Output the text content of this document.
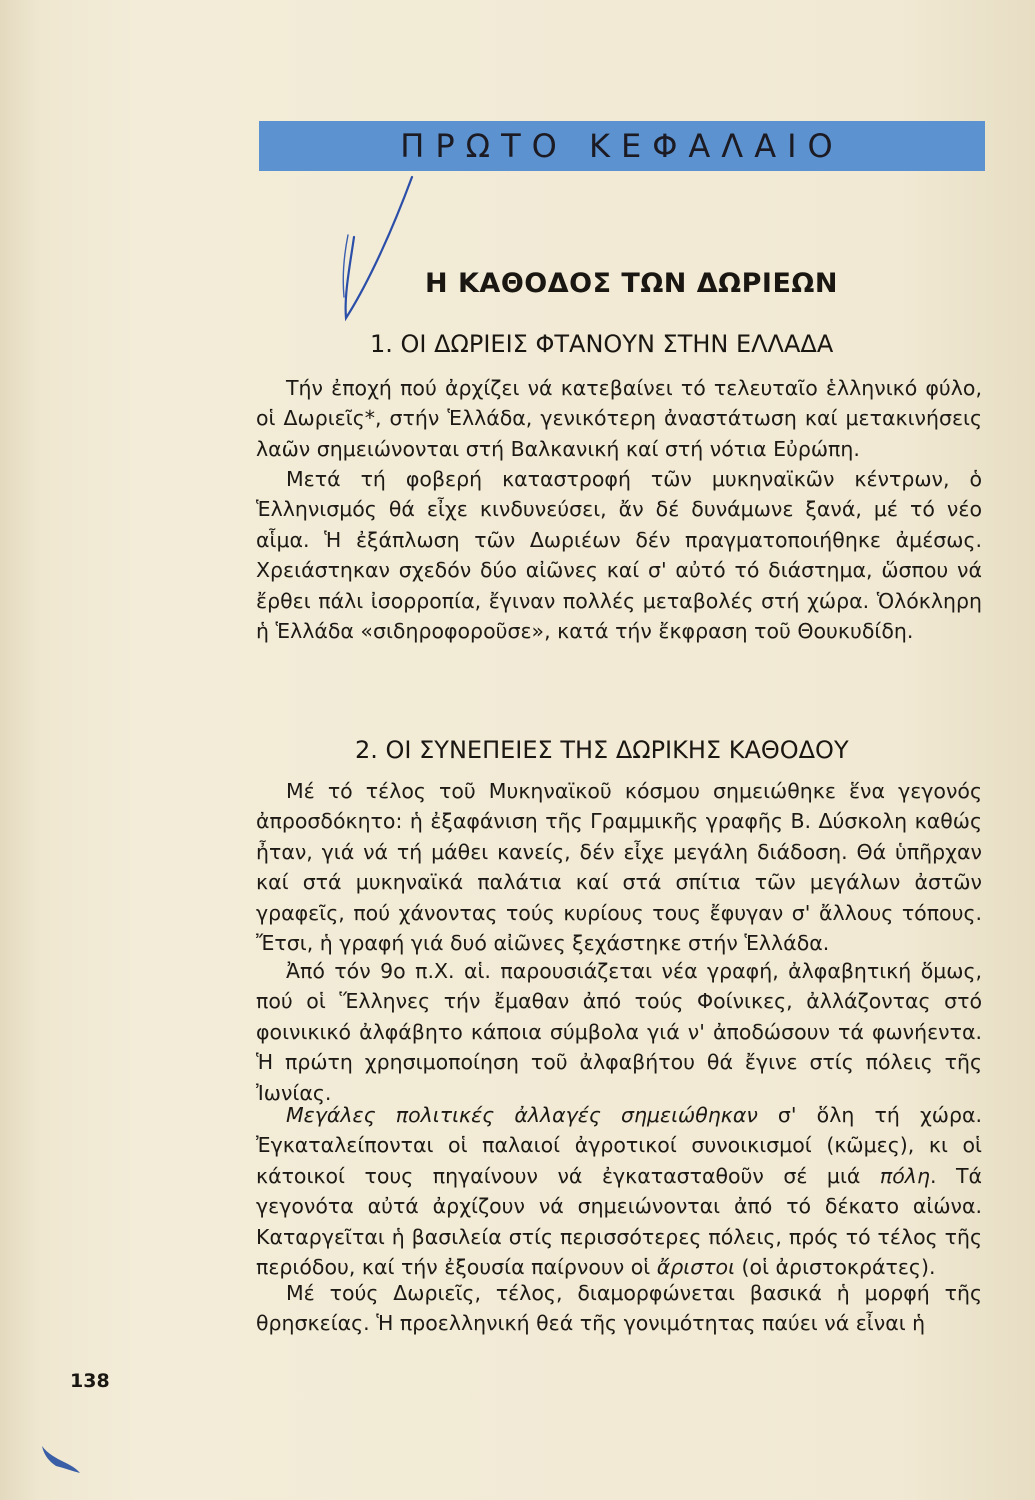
ΠΡΩΤΟ ΚΕΦΑΛΑΙΟ
Η ΚΑΘΟΔΟΣ ΤΩΝ ΔΩΡΙΕΩΝ
1. ΟΙ ΔΩΡΙΕΙΣ ΦΤΑΝΟΥΝ ΣΤΗΝ ΕΛΛΑΔΑ

Τήν ἐποχή πού ἀρχίζει νά κατεβαίνει τό τελευταῖο ἑλληνικό φύλο, οἱ Δωριεῖς*, στήν Ἑλλάδα, γενικότερη ἀναστάτωση καί μετακινήσεις λαῶν σημειώνονται στή Βαλκανική καί στή νότια Εὐρώπη.

Μετά τή φοβερή καταστροφή τῶν μυκηναϊκῶν κέντρων, ὁ Ἑλληνισμός θά εἶχε κινδυνεύσει, ἄν δέ δυνάμωνε ξανά, μέ τό νέο αἷμα. Ἡ ἐξάπλωση τῶν Δωριέων δέν πραγματοποιήθηκε ἀμέσως. Χρειάστηκαν σχεδόν δύο αἰῶνες καί σ' αὐτό τό διάστημα, ὥσπου νά ἔρθει πάλι ἰσορροπία, ἔγιναν πολλές μεταβολές στή χώρα. Ὁλόκληρη ἡ Ἑλλάδα «σιδηροφοροῦσε», κατά τήν ἔκφραση τοῦ Θουκυδίδη.

2. ΟΙ ΣΥΝΕΠΕΙΕΣ ΤΗΣ ΔΩΡΙΚΗΣ ΚΑΘΟΔΟΥ

Μέ τό τέλος τοῦ Μυκηναϊκοῦ κόσμου σημειώθηκε ἕνα γεγονός ἀπροσδόκητο: ἡ ἐξαφάνιση τῆς Γραμμικῆς γραφῆς Β. Δύσκολη καθώς ἦταν, γιά νά τή μάθει κανείς, δέν εἶχε μεγάλη διάδοση. Θά ὑπῆρχαν καί στά μυκηναϊκά παλάτια καί στά σπίτια τῶν μεγάλων ἀστῶν γραφεῖς, πού χάνοντας τούς κυρίους τους ἔφυγαν σ' ἄλλους τόπους. Ἔτσι, ἡ γραφή γιά δυό αἰῶνες ξεχάστηκε στήν Ἑλλάδα.

Ἀπό τόν 9ο π.Χ. αἱ. παρουσιάζεται νέα γραφή, ἀλφαβητική ὅμως, πού οἱ Ἕλληνες τήν ἔμαθαν ἀπό τούς Φοίνικες, ἀλλάζοντας στό φοινικικό ἀλφάβητο κάποια σύμβολα γιά ν' ἀποδώσουν τά φωνήεντα. Ἡ πρώτη χρησιμοποίηση τοῦ ἀλφαβήτου θά ἔγινε στίς πόλεις τῆς Ἰωνίας.

Μεγάλες πολιτικές ἀλλαγές σημειώθηκαν σ' ὅλη τή χώρα. Ἐγκαταλείπονται οἱ παλαιοί ἀγροτικοί συνοικισμοί (κῶμες), κι οἱ κάτοικοί τους πηγαίνουν νά ἐγκατασταθοῦν σέ μιά πόλη. Τά γεγονότα αὐτά ἀρχίζουν νά σημειώνονται ἀπό τό δέκατο αἰώνα. Καταργεῖται ἡ βασιλεία στίς περισσότερες πόλεις, πρός τό τέλος τῆς περιόδου, καί τήν ἐξουσία παίρνουν οἱ ἄριστοι (οἱ ἀριστοκράτες).

Μέ τούς Δωριεῖς, τέλος, διαμορφώνεται βασικά ἡ μορφή τῆς θρησκείας. Ἡ προελληνική θεά τῆς γονιμότητας παύει νά εἶναι ἡ

138
